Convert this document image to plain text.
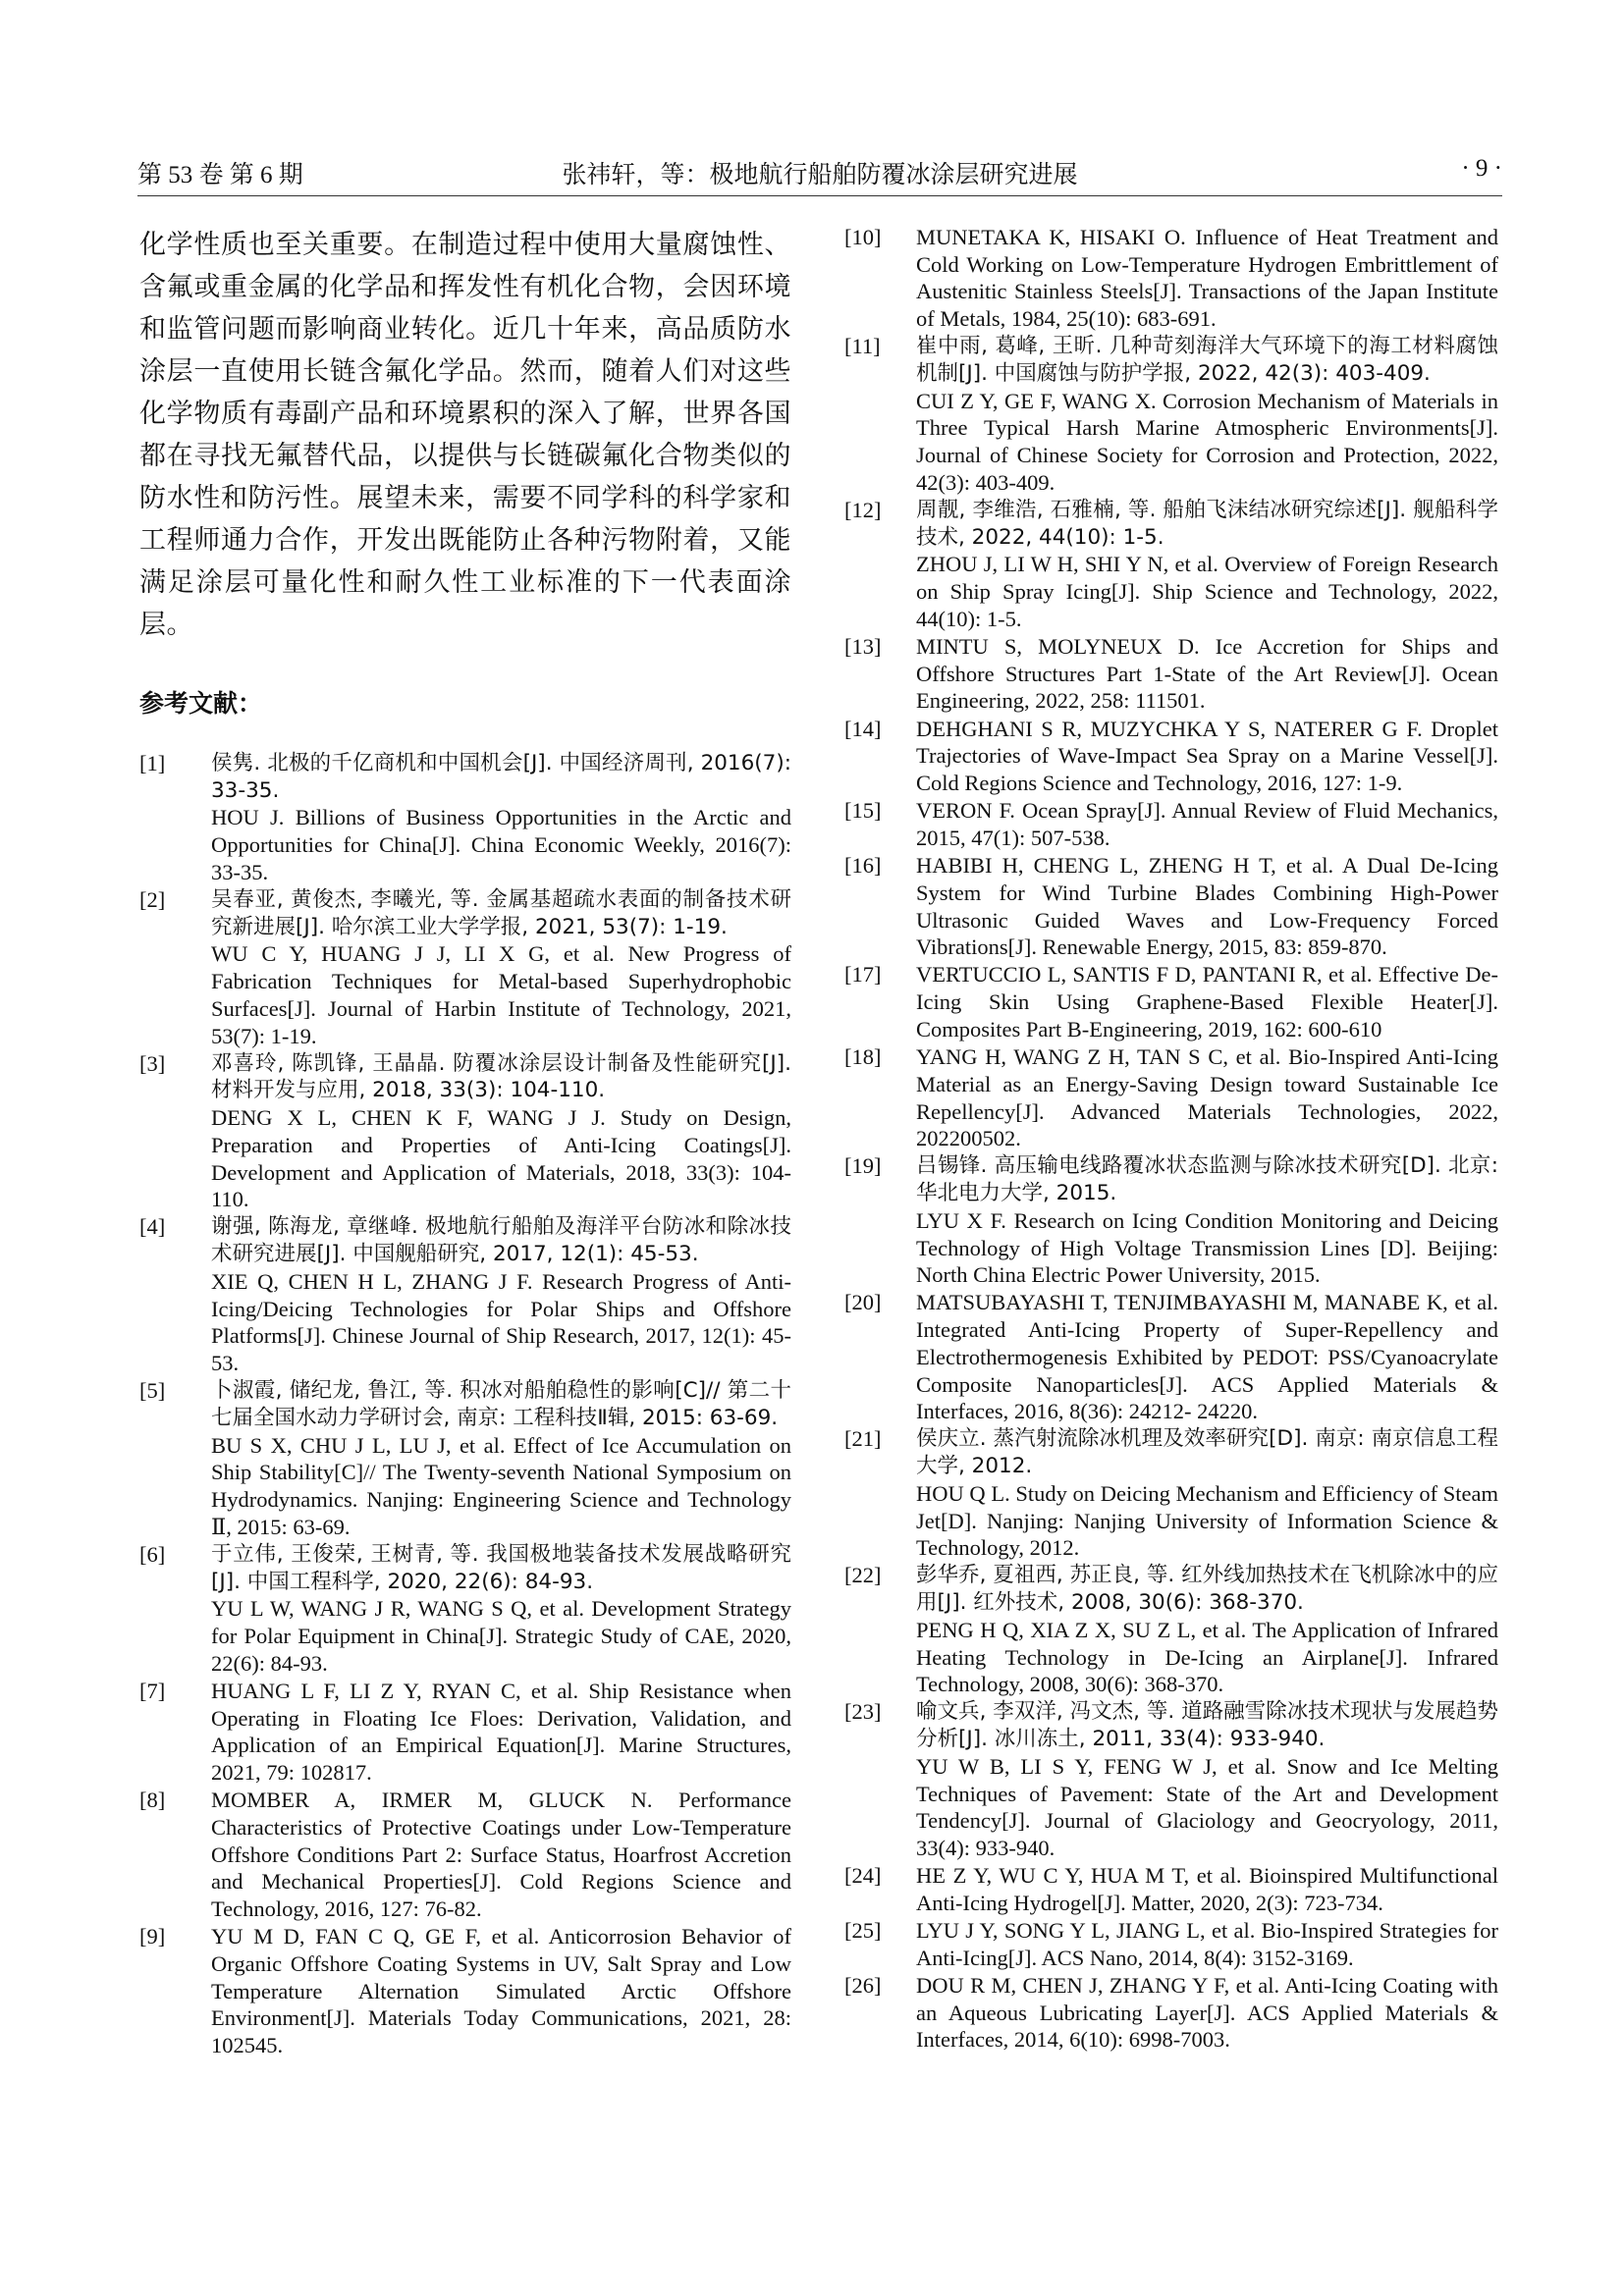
第 53 卷 第 6 期	张祎轩，等：极地航行船舶防覆冰涂层研究进展	· 9 ·

化学性质也至关重要。在制造过程中使用大量腐蚀性、含氟或重金属的化学品和挥发性有机化合物，会因环境和监管问题而影响商业转化。近几十年来，高品质防水涂层一直使用长链含氟化学品。然而，随着人们对这些化学物质有毒副产品和环境累积的深入了解，世界各国都在寻找无氟替代品，以提供与长链碳氟化合物类似的防水性和防污性。展望未来，需要不同学科的科学家和工程师通力合作，开发出既能防止各种污物附着，又能满足涂层可量化性和耐久性工业标准的下一代表面涂层。

参考文献：
[1] 侯隽. 北极的千亿商机和中国机会[J]. 中国经济周刊, 2016(7): 33-35.
HOU J. Billions of Business Opportunities in the Arctic and Opportunities for China[J]. China Economic Weekly, 2016(7): 33-35.
[2] 吴春亚, 黄俊杰, 李曦光, 等. 金属基超疏水表面的制备技术研究新进展[J]. 哈尔滨工业大学学报, 2021, 53(7): 1-19.
WU C Y, HUANG J J, LI X G, et al. New Progress of Fabrication Techniques for Metal-based Superhydrophobic Surfaces[J]. Journal of Harbin Institute of Technology, 2021, 53(7): 1-19.
[3] 邓喜玲, 陈凯锋, 王晶晶. 防覆冰涂层设计制备及性能研究[J]. 材料开发与应用, 2018, 33(3): 104-110.
DENG X L, CHEN K F, WANG J J. Study on Design, Preparation and Properties of Anti-Icing Coatings[J]. Development and Application of Materials, 2018, 33(3): 104-110.
[4] 谢强, 陈海龙, 章继峰. 极地航行船舶及海洋平台防冰和除冰技术研究进展[J]. 中国舰船研究, 2017, 12(1): 45-53.
XIE Q, CHEN H L, ZHANG J F. Research Progress of Anti-Icing/Deicing Technologies for Polar Ships and Offshore Platforms[J]. Chinese Journal of Ship Research, 2017, 12(1): 45-53.
[5] 卜淑霞, 储纪龙, 鲁江, 等. 积冰对船舶稳性的影响[C]// 第二十七届全国水动力学研讨会, 南京: 工程科技Ⅱ辑, 2015: 63-69.
BU S X, CHU J L, LU J, et al. Effect of Ice Accumulation on Ship Stability[C]// The Twenty-seventh National Symposium on Hydrodynamics. Nanjing: Engineering Science and Technology Ⅱ, 2015: 63-69.
[6] 于立伟, 王俊荣, 王树青, 等. 我国极地装备技术发展战略研究[J]. 中国工程科学, 2020, 22(6): 84-93.
YU L W, WANG J R, WANG S Q, et al. Development Strategy for Polar Equipment in China[J]. Strategic Study of CAE, 2020, 22(6): 84-93.
[7] HUANG L F, LI Z Y, RYAN C, et al. Ship Resistance when Operating in Floating Ice Floes: Derivation, Validation, and Application of an Empirical Equation[J]. Marine Structures, 2021, 79: 102817.
[8] MOMBER A, IRMER M, GLUCK N. Performance Characteristics of Protective Coatings under Low-Temperature Offshore Conditions Part 2: Surface Status, Hoarfrost Accretion and Mechanical Properties[J]. Cold Regions Science and Technology, 2016, 127: 76-82.
[9] YU M D, FAN C Q, GE F, et al. Anticorrosion Behavior of Organic Offshore Coating Systems in UV, Salt Spray and Low Temperature Alternation Simulated Arctic Offshore Environment[J]. Materials Today Communications, 2021, 28: 102545.
[10] MUNETAKA K, HISAKI O. Influence of Heat Treatment and Cold Working on Low-Temperature Hydrogen Embrittlement of Austenitic Stainless Steels[J]. Transactions of the Japan Institute of Metals, 1984, 25(10): 683-691.
[11] 崔中雨, 葛峰, 王昕. 几种苛刻海洋大气环境下的海工材料腐蚀机制[J]. 中国腐蚀与防护学报, 2022, 42(3): 403-409.
CUI Z Y, GE F, WANG X. Corrosion Mechanism of Materials in Three Typical Harsh Marine Atmospheric Environments[J]. Journal of Chinese Society for Corrosion and Protection, 2022, 42(3): 403-409.
[12] 周靓, 李维浩, 石雅楠, 等. 船舶飞沫结冰研究综述[J]. 舰船科学技术, 2022, 44(10): 1-5.
ZHOU J, LI W H, SHI Y N, et al. Overview of Foreign Research on Ship Spray Icing[J]. Ship Science and Technology, 2022, 44(10): 1-5.
[13] MINTU S, MOLYNEUX D. Ice Accretion for Ships and Offshore Structures Part 1-State of the Art Review[J]. Ocean Engineering, 2022, 258: 111501.
[14] DEHGHANI S R, MUZYCHKA Y S, NATERER G F. Droplet Trajectories of Wave-Impact Sea Spray on a Marine Vessel[J]. Cold Regions Science and Technology, 2016, 127: 1-9.
[15] VERON F. Ocean Spray[J]. Annual Review of Fluid Mechanics, 2015, 47(1): 507-538.
[16] HABIBI H, CHENG L, ZHENG H T, et al. A Dual De-Icing System for Wind Turbine Blades Combining High-Power Ultrasonic Guided Waves and Low-Frequency Forced Vibrations[J]. Renewable Energy, 2015, 83: 859-870.
[17] VERTUCCIO L, SANTIS F D, PANTANI R, et al. Effective De-Icing Skin Using Graphene-Based Flexible Heater[J]. Composites Part B-Engineering, 2019, 162: 600-610
[18] YANG H, WANG Z H, TAN S C, et al. Bio-Inspired Anti-Icing Material as an Energy-Saving Design toward Sustainable Ice Repellency[J]. Advanced Materials Technologies, 2022, 202200502.
[19] 吕锡锋. 高压输电线路覆冰状态监测与除冰技术研究[D]. 北京: 华北电力大学, 2015.
LYU X F. Research on Icing Condition Monitoring and Deicing Technology of High Voltage Transmission Lines [D]. Beijing: North China Electric Power University, 2015.
[20] MATSUBAYASHI T, TENJIMBAYASHI M, MANABE K, et al. Integrated Anti-Icing Property of Super-Repellency and Electrothermogenesis Exhibited by PEDOT: PSS/Cyanoacrylate Composite Nanoparticles[J]. ACS Applied Materials & Interfaces, 2016, 8(36): 24212- 24220.
[21] 侯庆立. 蒸汽射流除冰机理及效率研究[D]. 南京: 南京信息工程大学, 2012.
HOU Q L. Study on Deicing Mechanism and Efficiency of Steam Jet[D]. Nanjing: Nanjing University of Information Science & Technology, 2012.
[22] 彭华乔, 夏祖西, 苏正良, 等. 红外线加热技术在飞机除冰中的应用[J]. 红外技术, 2008, 30(6): 368-370.
PENG H Q, XIA Z X, SU Z L, et al. The Application of Infrared Heating Technology in De-Icing an Airplane[J]. Infrared Technology, 2008, 30(6): 368-370.
[23] 喻文兵, 李双洋, 冯文杰, 等. 道路融雪除冰技术现状与发展趋势分析[J]. 冰川冻土, 2011, 33(4): 933-940.
YU W B, LI S Y, FENG W J, et al. Snow and Ice Melting Techniques of Pavement: State of the Art and Development Tendency[J]. Journal of Glaciology and Geocryology, 2011, 33(4): 933-940.
[24] HE Z Y, WU C Y, HUA M T, et al. Bioinspired Multifunctional Anti-Icing Hydrogel[J]. Matter, 2020, 2(3): 723-734.
[25] LYU J Y, SONG Y L, JIANG L, et al. Bio-Inspired Strategies for Anti-Icing[J]. ACS Nano, 2014, 8(4): 3152-3169.
[26] DOU R M, CHEN J, ZHANG Y F, et al. Anti-Icing Coating with an Aqueous Lubricating Layer[J]. ACS Applied Materials & Interfaces, 2014, 6(10): 6998-7003.
